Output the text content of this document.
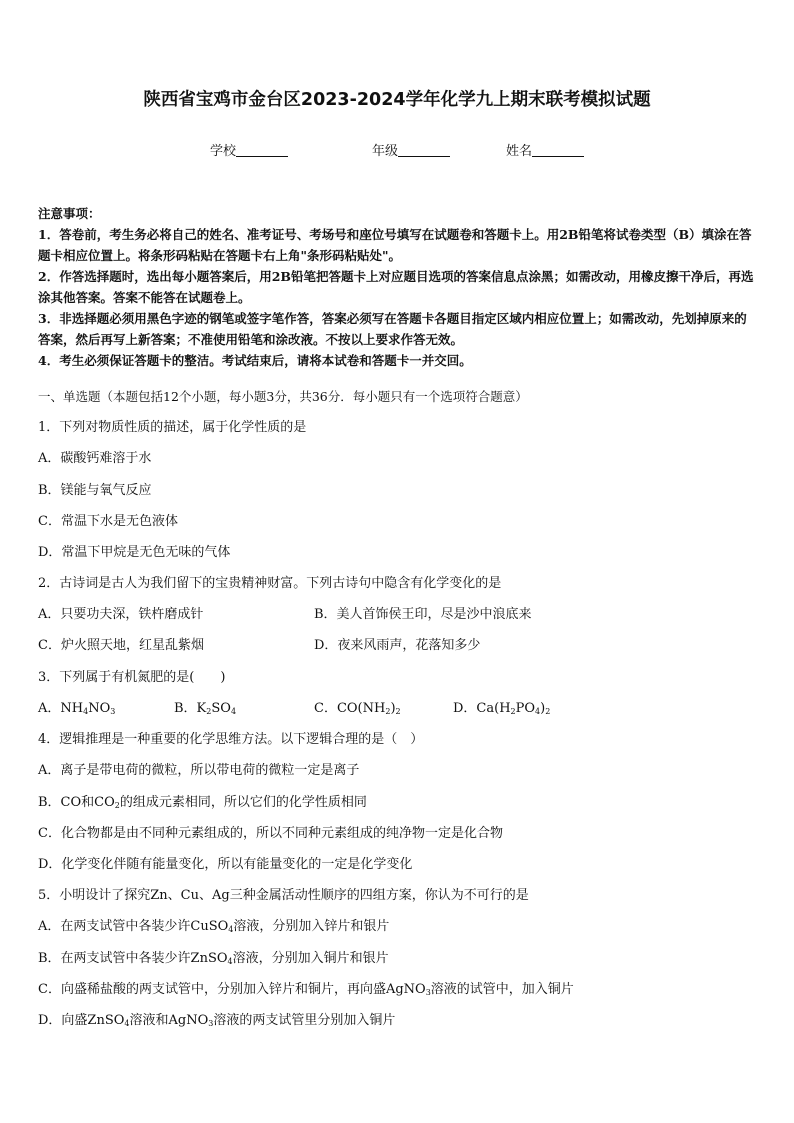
陕西省宝鸡市金台区2023-2024学年化学九上期末联考模拟试题
学校	年级	姓名

注意事项：

1．答卷前，考生务必将自己的姓名、准考证号、考场号和座位号填写在试题卷和答题卡上。用2B铅笔将试卷类型（B）填涂在答题卡相应位置上。将条形码粘贴在答题卡右上角"条形码粘贴处"。

2．作答选择题时，选出每小题答案后，用2B铅笔把答题卡上对应题目选项的答案信息点涂黑；如需改动，用橡皮擦干净后，再选涂其他答案。答案不能答在试题卷上。

3．非选择题必须用黑色字迹的钢笔或签字笔作答，答案必须写在答题卡各题目指定区域内相应位置上；如需改动，先划掉原来的答案，然后再写上新答案；不准使用铅笔和涂改液。不按以上要求作答无效。

4．考生必须保证答题卡的整洁。考试结束后，请将本试卷和答题卡一并交回。

一、单选题（本题包括12个小题，每小题3分，共36分．每小题只有一个选项符合题意）
1．下列对物质性质的描述，属于化学性质的是
A．碳酸钙难溶于水
B．镁能与氧气反应
C．常温下水是无色液体
D．常温下甲烷是无色无味的气体
2．古诗词是古人为我们留下的宝贵精神财富。下列古诗句中隐含有化学变化的是
A．只要功夫深，铁杵磨成针	B．美人首饰侯王印，尽是沙中浪底来
C．炉火照天地，红星乱紫烟	D．夜来风雨声，花落知多少
3．下列属于有机氮肥的是(　　)
A．$NH_4NO_3$	B．$K_2SO_4$	C．$CO(NH_2)_2$	D．$Ca(H_2PO_4)_2$
4．逻辑推理是一种重要的化学思维方法。以下逻辑合理的是（　）
A．离子是带电荷的微粒，所以带电荷的微粒一定是离子
B．CO和$CO_2$的组成元素相同，所以它们的化学性质相同
C．化合物都是由不同种元素组成的，所以不同种元素组成的纯净物一定是化合物
D．化学变化伴随有能量变化，所以有能量变化的一定是化学变化
5．小明设计了探究Zn、Cu、Ag三种金属活动性顺序的四组方案，你认为不可行的是
A．在两支试管中各装少许CuSO$_4$溶液，分别加入锌片和银片
B．在两支试管中各装少许ZnSO$_4$溶液，分别加入铜片和银片
C．向盛稀盐酸的两支试管中，分别加入锌片和铜片，再向盛AgNO$_3$溶液的试管中，加入铜片
D．向盛ZnSO$_4$溶液和AgNO$_3$溶液的两支试管里分别加入铜片
